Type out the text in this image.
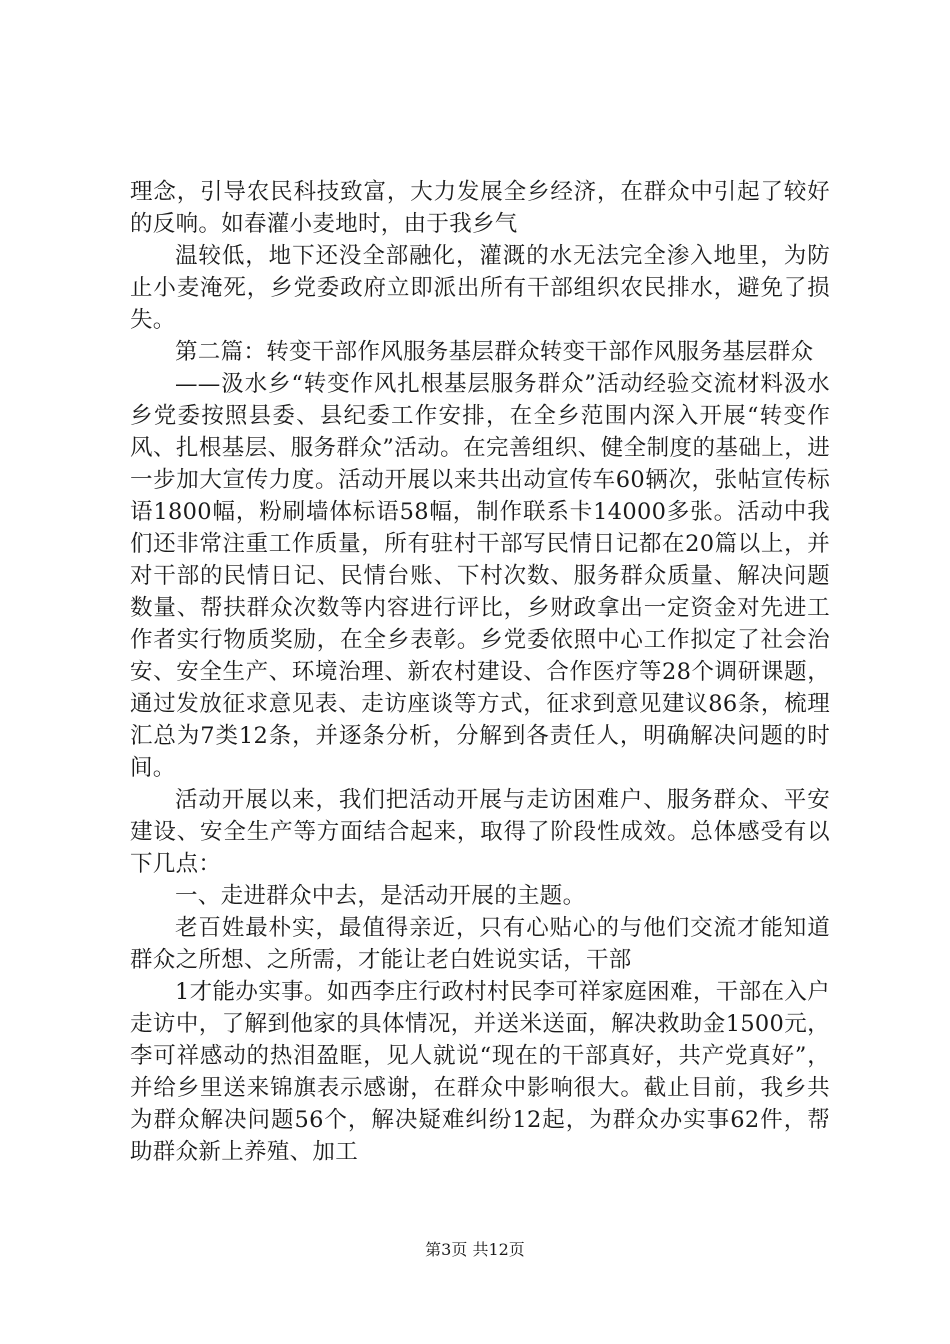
理念，引导农民科技致富，大力发展全乡经济，在群众中引起了较好的反响。如春灌小麦地时，由于我乡气

温较低，地下还没全部融化，灌溉的水无法完全渗入地里，为防止小麦淹死，乡党委政府立即派出所有干部组织农民排水，避免了损失。

第二篇：转变干部作风服务基层群众转变干部作风服务基层群众

——汲水乡“转变作风扎根基层服务群众”活动经验交流材料汲水乡党委按照县委、县纪委工作安排，在全乡范围内深入开展“转变作风、扎根基层、服务群众”活动。在完善组织、健全制度的基础上，进一步加大宣传力度。活动开展以来共出动宣传车60辆次，张帖宣传标语1800幅，粉刷墙体标语58幅，制作联系卡14000多张。活动中我们还非常注重工作质量，所有驻村干部写民情日记都在20篇以上，并对干部的民情日记、民情台账、下村次数、服务群众质量、解决问题数量、帮扶群众次数等内容进行评比，乡财政拿出一定资金对先进工作者实行物质奖励，在全乡表彰。乡党委依照中心工作拟定了社会治安、安全生产、环境治理、新农村建设、合作医疗等28个调研课题，通过发放征求意见表、走访座谈等方式，征求到意见建议86条，梳理汇总为7类12条，并逐条分析，分解到各责任人，明确解决问题的时间。

活动开展以来，我们把活动开展与走访困难户、服务群众、平安建设、安全生产等方面结合起来，取得了阶段性成效。总体感受有以下几点：

一、走进群众中去，是活动开展的主题。

老百姓最朴实，最值得亲近，只有心贴心的与他们交流才能知道群众之所想、之所需，才能让老白姓说实话，干部

1才能办实事。如西李庄行政村村民李可祥家庭困难，干部在入户走访中，了解到他家的具体情况，并送米送面，解决救助金1500元，李可祥感动的热泪盈眶，见人就说“现在的干部真好，共产党真好”，并给乡里送来锦旗表示感谢，在群众中影响很大。截止目前，我乡共为群众解决问题56个，解决疑难纠纷12起，为群众办实事62件，帮助群众新上养殖、加工

第3页 共12页
